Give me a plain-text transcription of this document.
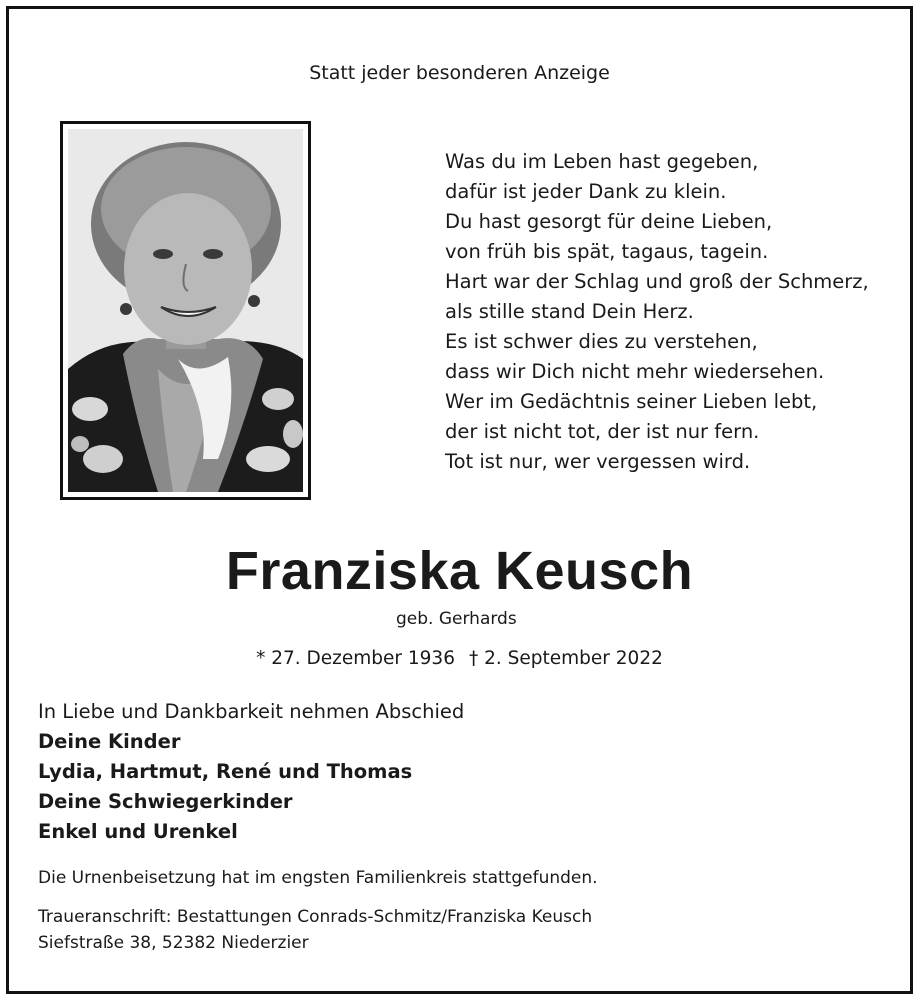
Statt jeder besonderen Anzeige
Was du im Leben hast gegeben,
dafür ist jeder Dank zu klein.
Du hast gesorgt für deine Lieben,
von früh bis spät, tagaus, tagein.
Hart war der Schlag und groß der Schmerz,
als stille stand Dein Herz.
Es ist schwer dies zu verstehen,
dass wir Dich nicht mehr wiedersehen.
Wer im Gedächtnis seiner Lieben lebt,
der ist nicht tot, der ist nur fern.
Tot ist nur, wer vergessen wird.
Franziska Keusch
geb. Gerhards
* 27. Dezember 1936 † 2. September 2022
In Liebe und Dankbarkeit nehmen Abschied
Deine Kinder
Lydia, Hartmut, René und Thomas
Deine Schwiegerkinder
Enkel und Urenkel
Die Urnenbeisetzung hat im engsten Familienkreis stattgefunden.
Traueranschrift: Bestattungen Conrads-Schmitz/Franziska Keusch
Siefstraße 38, 52382 Niederzier
